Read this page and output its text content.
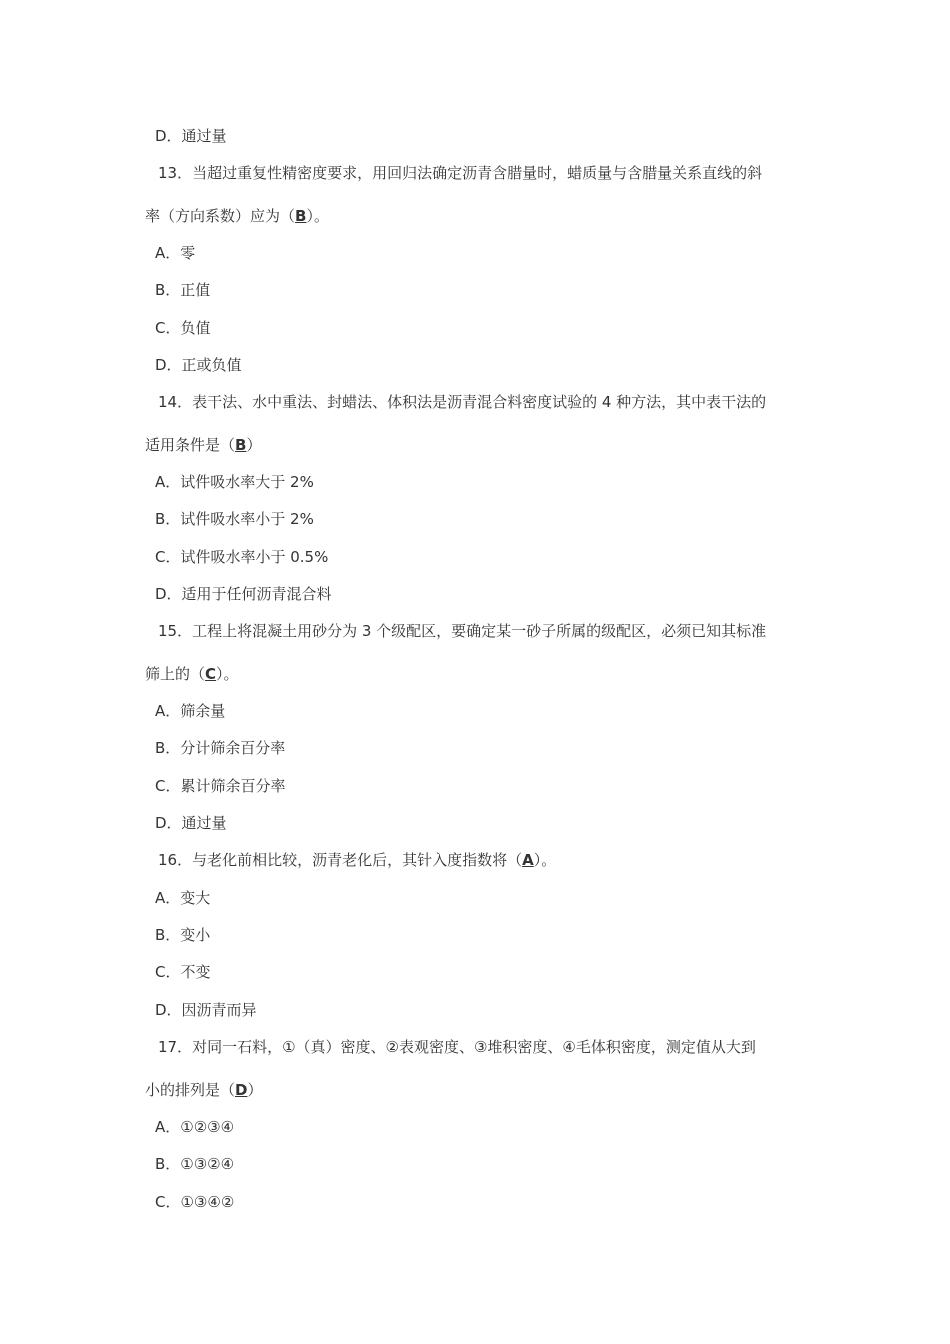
D．通过量
13．当超过重复性精密度要求，用回归法确定沥青含腊量时，蜡质量与含腊量关系直线的斜
率（方向系数）应为（B）。
A．零
B．正值
C．负值
D．正或负值
14．表干法、水中重法、封蜡法、体积法是沥青混合料密度试验的 4 种方法，其中表干法的
适用条件是（B）
A．试件吸水率大于 2%
B．试件吸水率小于 2%
C．试件吸水率小于 0.5%
D．适用于任何沥青混合料
15．工程上将混凝土用砂分为 3 个级配区，要确定某一砂子所属的级配区，必须已知其标准
筛上的（C）。
A．筛余量
B．分计筛余百分率
C．累计筛余百分率
D．通过量
16．与老化前相比较，沥青老化后，其针入度指数将（A）。
A．变大
B．变小
C．不变
D．因沥青而异
17．对同一石料，①（真）密度、②表观密度、③堆积密度、④毛体积密度，测定值从大到
小的排列是（D）
A．①②③④
B．①③②④
C．①③④②
